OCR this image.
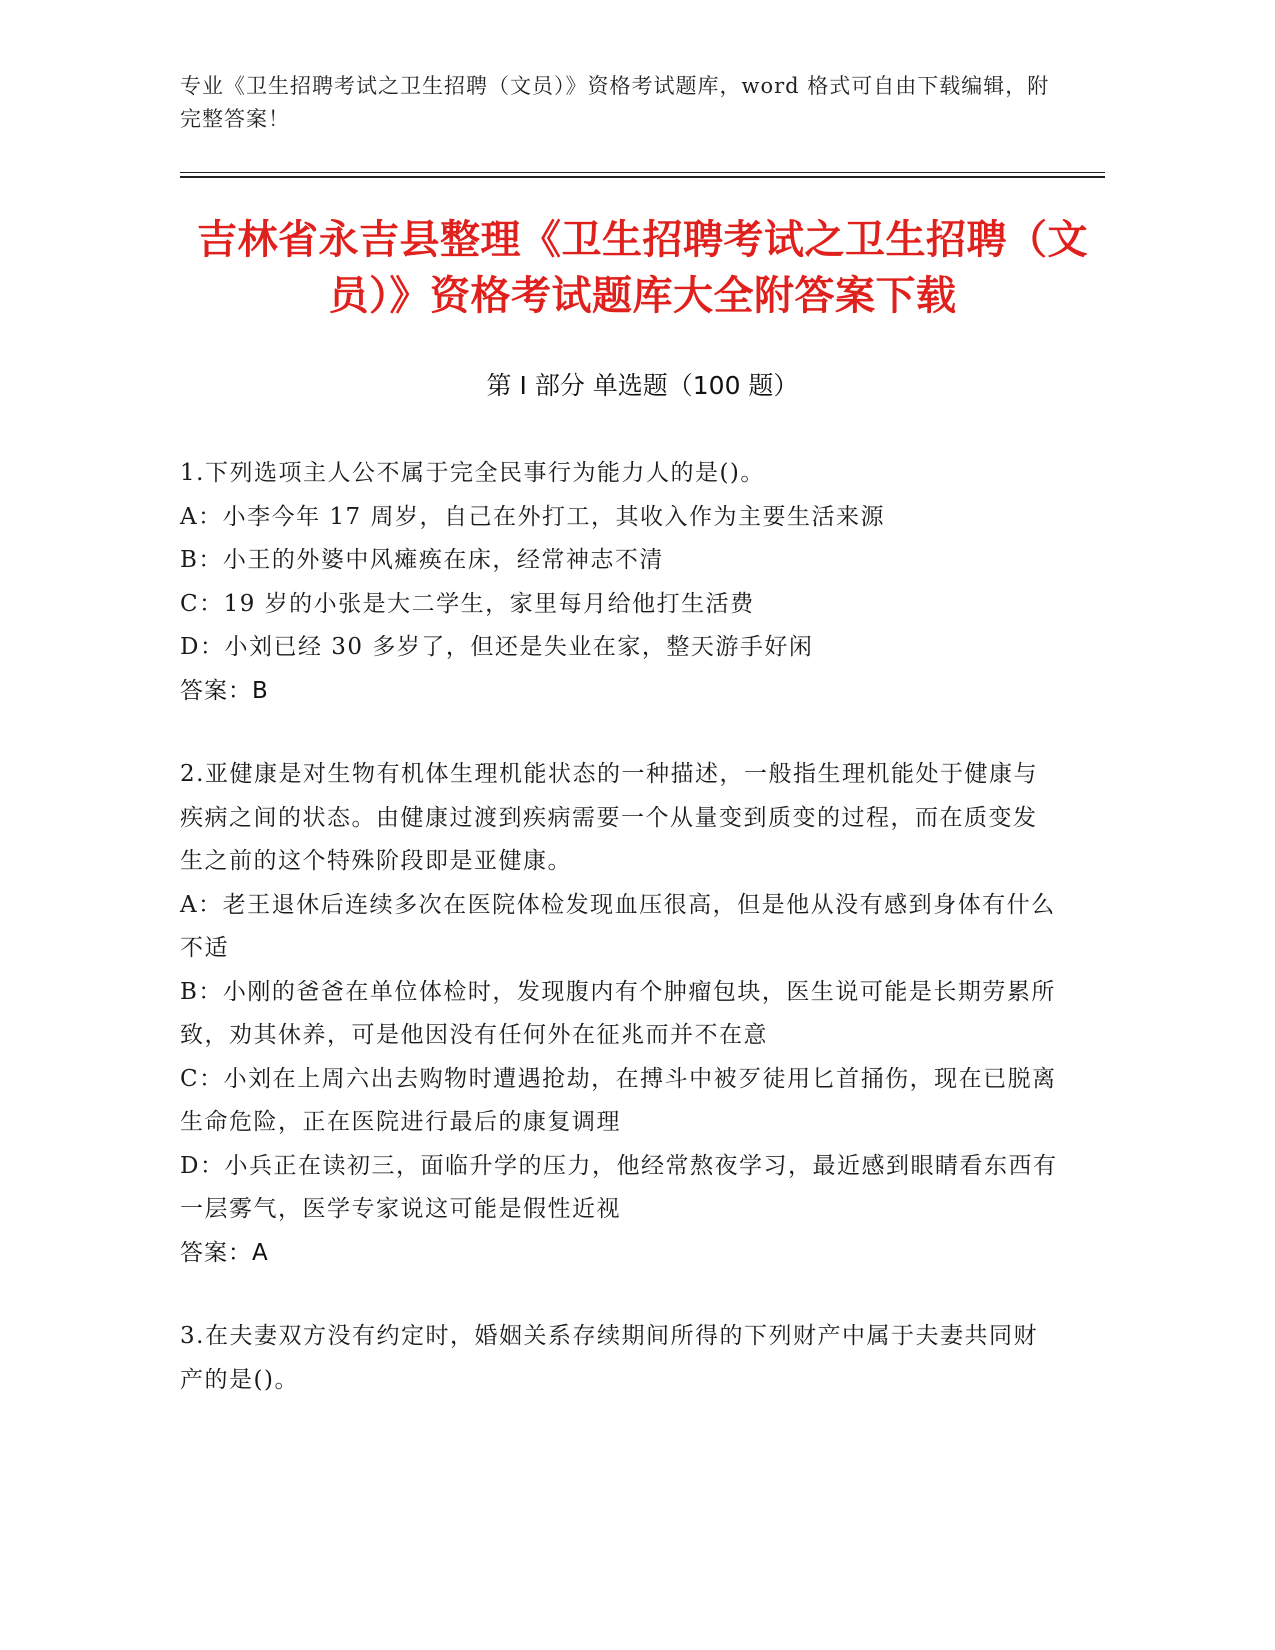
专业《卫生招聘考试之卫生招聘（文员）》资格考试题库，word 格式可自由下载编辑，附完整答案！
吉林省永吉县整理《卫生招聘考试之卫生招聘（文员）》资格考试题库大全附答案下载
第 I 部分 单选题（100 题）
1.下列选项主人公不属于完全民事行为能力人的是()。
A：小李今年 17 周岁，自己在外打工，其收入作为主要生活来源
B：小王的外婆中风瘫痪在床，经常神志不清
C：19 岁的小张是大二学生，家里每月给他打生活费
D：小刘已经 30 多岁了，但还是失业在家，整天游手好闲
答案：B
2.亚健康是对生物有机体生理机能状态的一种描述，一般指生理机能处于健康与疾病之间的状态。由健康过渡到疾病需要一个从量变到质变的过程，而在质变发生之前的这个特殊阶段即是亚健康。
A：老王退休后连续多次在医院体检发现血压很高，但是他从没有感到身体有什么不适
B：小刚的爸爸在单位体检时，发现腹内有个肿瘤包块，医生说可能是长期劳累所致，劝其休养，可是他因没有任何外在征兆而并不在意
C：小刘在上周六出去购物时遭遇抢劫，在搏斗中被歹徒用匕首捅伤，现在已脱离生命危险，正在医院进行最后的康复调理
D：小兵正在读初三，面临升学的压力，他经常熬夜学习，最近感到眼睛看东西有一层雾气，医学专家说这可能是假性近视
答案：A
3.在夫妻双方没有约定时，婚姻关系存续期间所得的下列财产中属于夫妻共同财产的是()。
